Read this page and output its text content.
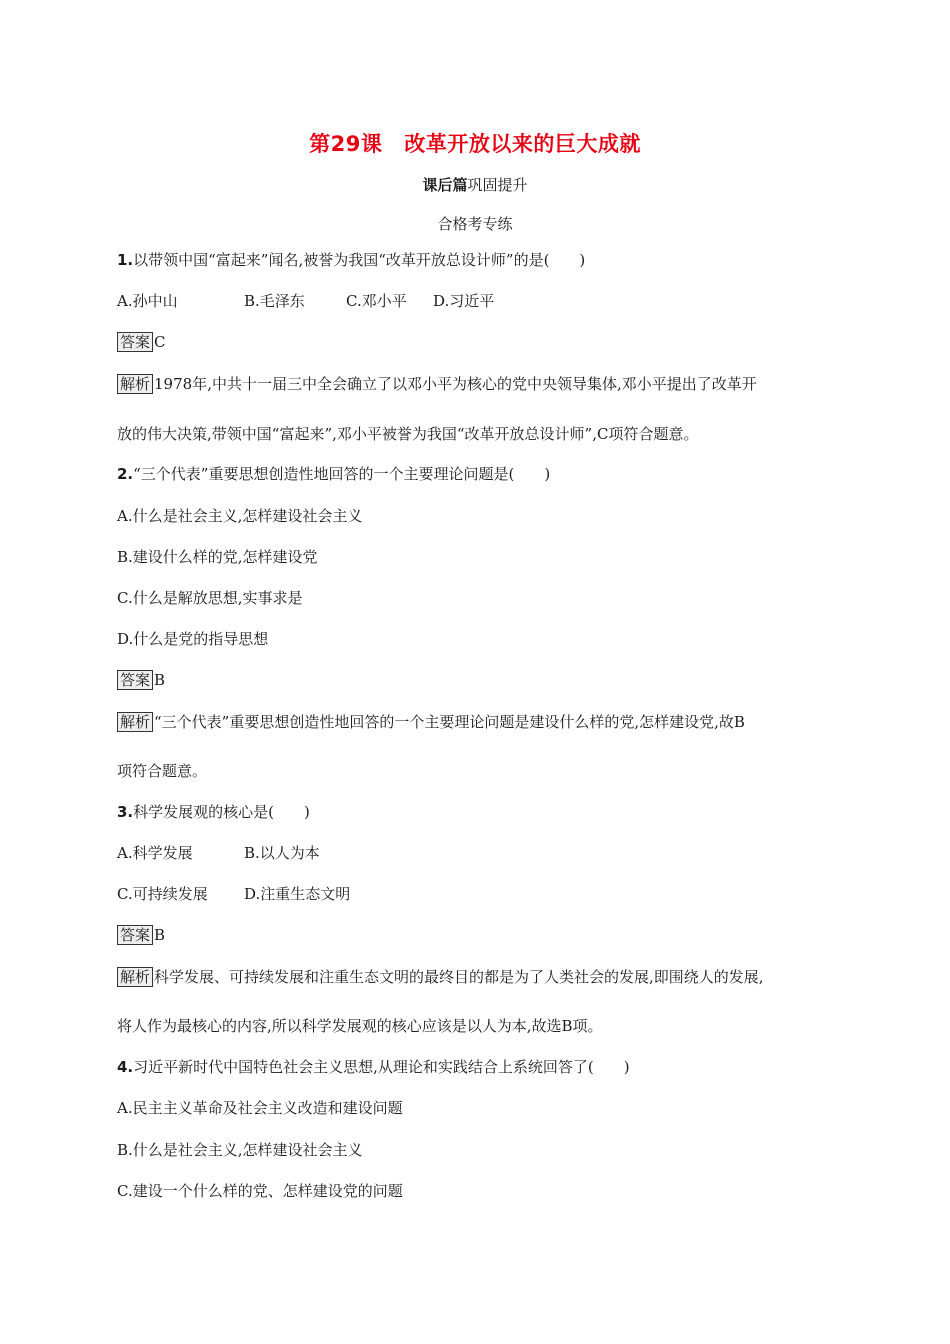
第29课 改革开放以来的巨大成就
课后篇巩固提升
合格考专练
1.以带领中国“富起来”闻名,被誉为我国“改革开放总设计师”的是(　　)
A.孙中山	B.毛泽东	C.邓小平 D.习近平
答案 C
解析 1978年,中共十一届三中全会确立了以邓小平为核心的党中央领导集体,邓小平提出了改革开
放的伟大决策,带领中国“富起来”,邓小平被誉为我国“改革开放总设计师”,C项符合题意。
2.“三个代表”重要思想创造性地回答的一个主要理论问题是(　　)
A.什么是社会主义,怎样建设社会主义
B.建设什么样的党,怎样建设党
C.什么是解放思想,实事求是
D.什么是党的指导思想
答案 B
解析 “三个代表”重要思想创造性地回答的一个主要理论问题是建设什么样的党,怎样建设党,故B
项符合题意。
3.科学发展观的核心是(　　)
A.科学发展	B.以人为本
C.可持续发展 D.注重生态文明
答案 B
解析 科学发展、可持续发展和注重生态文明的最终目的都是为了人类社会的发展,即围绕人的发展,
将人作为最核心的内容,所以科学发展观的核心应该是以人为本,故选B项。
4.习近平新时代中国特色社会主义思想,从理论和实践结合上系统回答了(　　)
A.民主主义革命及社会主义改造和建设问题
B.什么是社会主义,怎样建设社会主义
C.建设一个什么样的党、怎样建设党的问题
